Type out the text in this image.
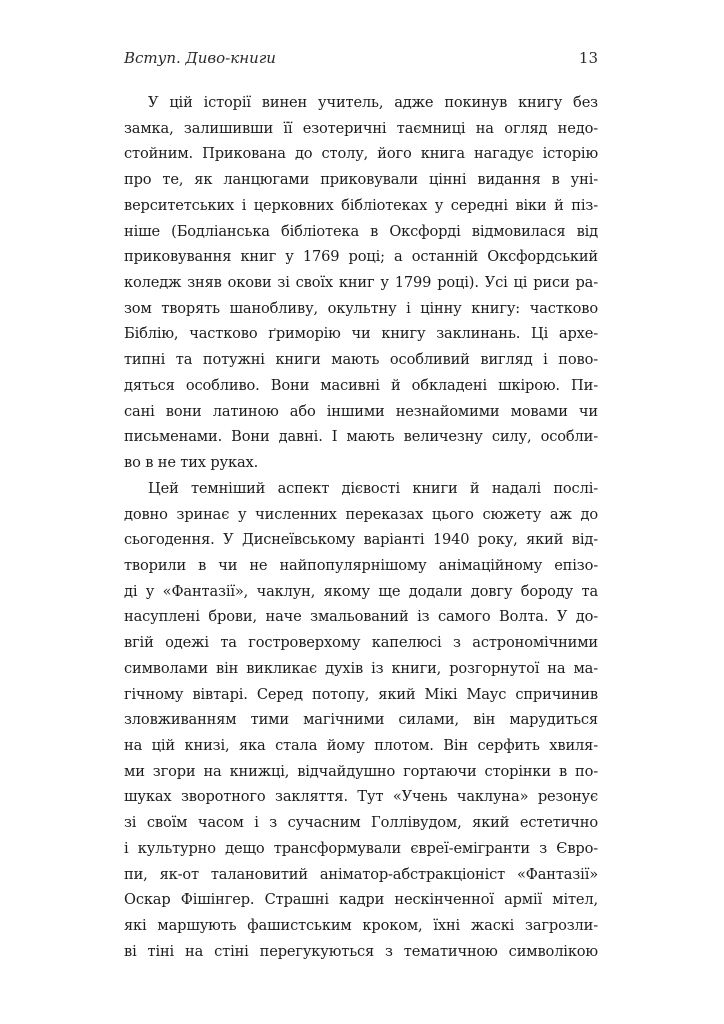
Вступ. Диво-книги	13
У цій історії винен учитель, адже покинув книгу без
замка, залишивши її езотеричні таємниці на огляд недо-
стойним. Прикована до столу, його книга нагадує історію
про те, як ланцюгами приковували цінні видання в уні-
верситетських і церковних бібліотеках у середні віки й піз-
ніше (Бодліанська бібліотека в Оксфорді відмовилася від
приковування книг у 1769 році; а останній Оксфордський
коледж зняв окови зі своїх книг у 1799 році). Усі ці риси ра-
зом творять шанобливу, окультну і цінну книгу: частково
Біблію, частково ґриморію чи книгу заклинань. Ці архе-
типні та потужні книги мають особливий вигляд і пово-
дяться особливо. Вони масивні й обкладені шкірою. Пи-
сані вони латиною або іншими незнайомими мовами чи
письменами. Вони давні. І мають величезну силу, особли-
во в не тих руках.
Цей темніший аспект дієвості книги й надалі послі-
довно зринає у численних переказах цього сюжету аж до
сьогодення. У Диснеївському варіанті 1940 року, який від-
творили в чи не найпопулярнішому анімаційному епізо-
ді у «Фантазії», чаклун, якому ще додали довгу бороду та
насуплені брови, наче змальований із самого Волта. У до-
вгій одежі та гостроверхому капелюсі з астрономічними
символами він викликає духів із книги, розгорнутої на ма-
гічному вівтарі. Серед потопу, який Мікі Маус спричинив
зловживанням тими магічними силами, він марудиться
на цій книзі, яка стала йому плотом. Він серфить хвиля-
ми згори на книжці, відчайдушно гортаючи сторінки в по-
шуках зворотного закляття. Тут «Учень чаклуна» резонує
зі своїм часом і з сучасним Голлівудом, який естетично
і культурно дещо трансформували євреї-емігранти з Євро-
пи, як-от талановитий аніматор-абстракціоніст «Фантазії»
Оскар Фішінгер. Страшні кадри нескінченної армії мітел,
які маршують фашистським кроком, їхні жаскі загрозли-
ві тіні на стіні перегукуються з тематичною символікою
